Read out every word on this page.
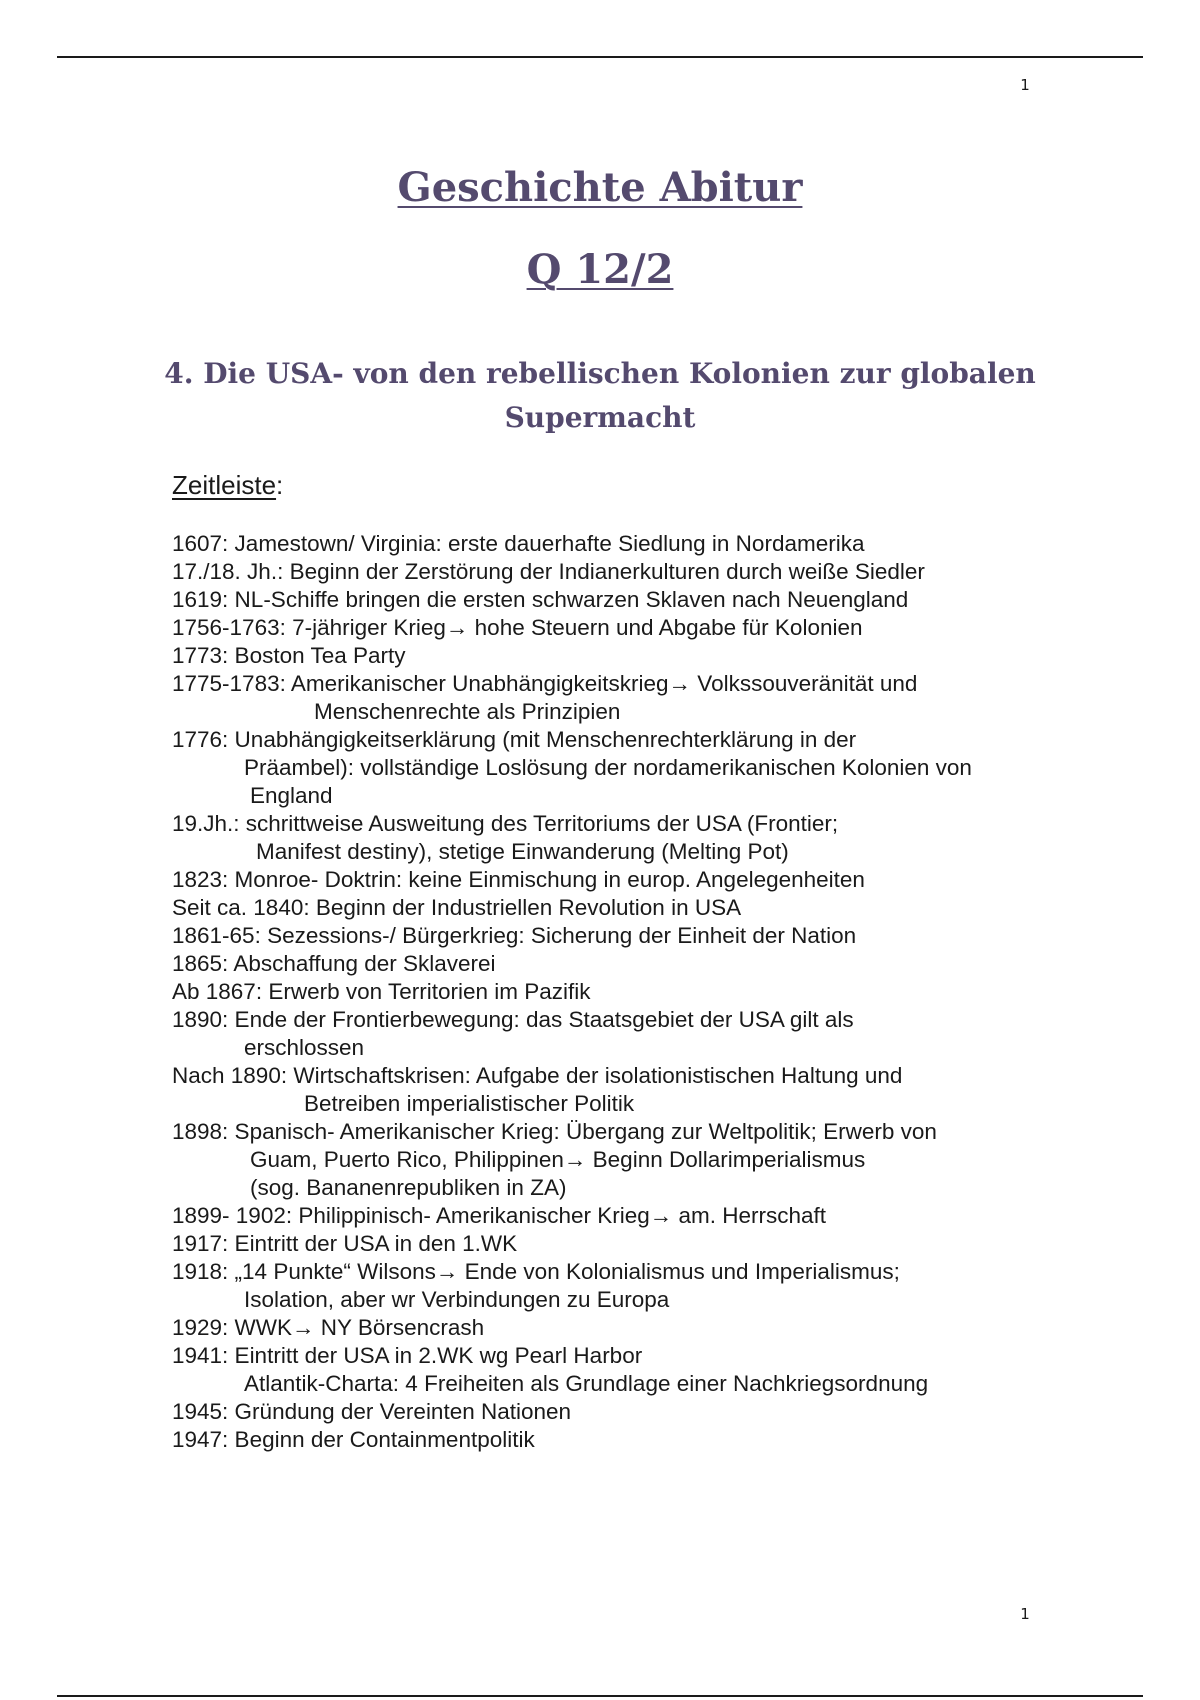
1
Geschichte Abitur
Q 12/2
4. Die USA- von den rebellischen Kolonien zur globalen
Supermacht
Zeitleiste:
1607: Jamestown/ Virginia: erste dauerhafte Siedlung in Nordamerika
17./18. Jh.: Beginn der Zerstörung der Indianerkulturen durch weiße Siedler
1619: NL-Schiffe bringen die ersten schwarzen Sklaven nach Neuengland
1756-1763: 7-jähriger Krieg→ hohe Steuern und Abgabe für Kolonien
1773: Boston Tea Party
1775-1783: Amerikanischer Unabhängigkeitskrieg→ Volkssouveränität und
Menschenrechte als Prinzipien
1776: Unabhängigkeitserklärung (mit Menschenrechterklärung in der
Präambel): vollständige Loslösung der nordamerikanischen Kolonien von
England
19.Jh.: schrittweise Ausweitung des Territoriums der USA (Frontier;
Manifest destiny), stetige Einwanderung (Melting Pot)
1823: Monroe- Doktrin: keine Einmischung in europ. Angelegenheiten
Seit ca. 1840: Beginn der Industriellen Revolution in USA
1861-65: Sezessions-/ Bürgerkrieg: Sicherung der Einheit der Nation
1865: Abschaffung der Sklaverei
Ab 1867: Erwerb von Territorien im Pazifik
1890: Ende der Frontierbewegung: das Staatsgebiet der USA gilt als
erschlossen
Nach 1890: Wirtschaftskrisen: Aufgabe der isolationistischen Haltung und
Betreiben imperialistischer Politik
1898: Spanisch- Amerikanischer Krieg: Übergang zur Weltpolitik; Erwerb von
Guam, Puerto Rico, Philippinen→ Beginn Dollarimperialismus
(sog. Bananenrepubliken in ZA)
1899- 1902: Philippinisch- Amerikanischer Krieg→ am. Herrschaft
1917: Eintritt der USA in den 1.WK
1918: „14 Punkte“ Wilsons→ Ende von Kolonialismus und Imperialismus;
Isolation, aber wr Verbindungen zu Europa
1929: WWK→ NY Börsencrash
1941: Eintritt der USA in 2.WK wg Pearl Harbor
Atlantik-Charta: 4 Freiheiten als Grundlage einer Nachkriegsordnung
1945: Gründung der Vereinten Nationen
1947: Beginn der Containmentpolitik
1
